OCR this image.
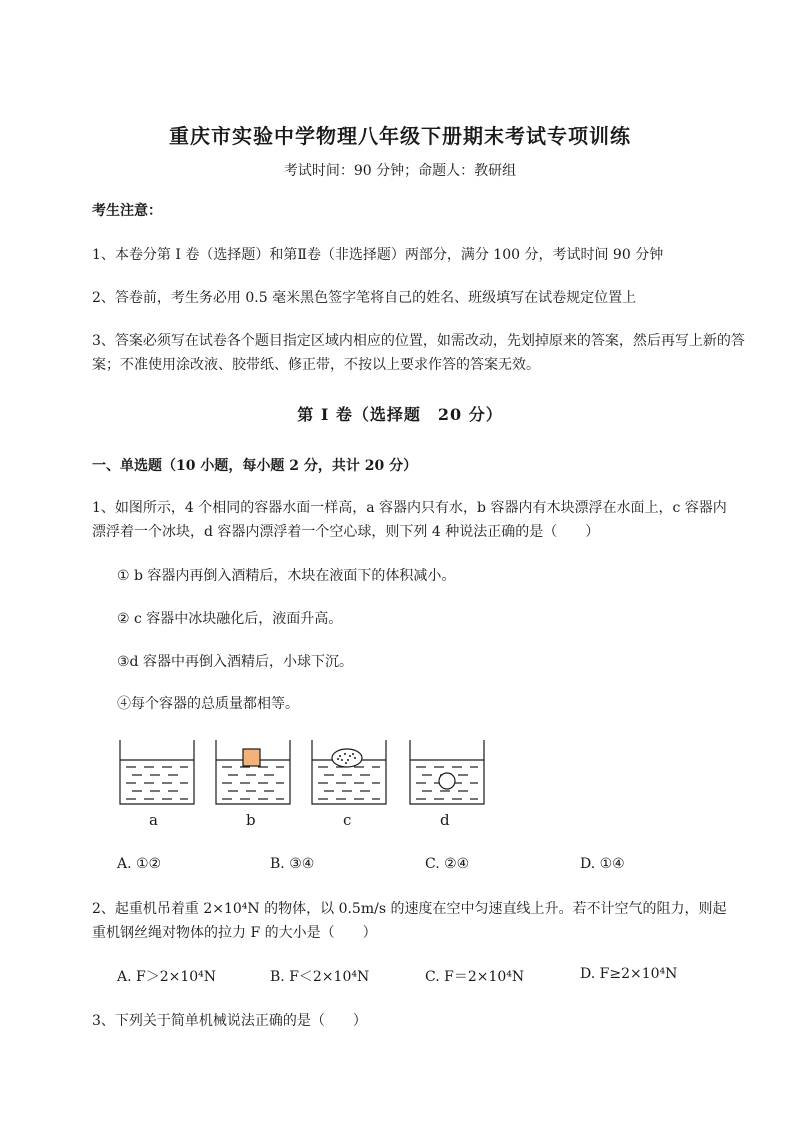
重庆市实验中学物理八年级下册期末考试专项训练
考试时间：90 分钟；命题人：教研组
考生注意：
1、本卷分第 I 卷（选择题）和第Ⅱ卷（非选择题）两部分，满分 100 分，考试时间 90 分钟
2、答卷前，考生务必用 0.5 毫米黑色签字笔将自己的姓名、班级填写在试卷规定位置上
3、答案必须写在试卷各个题目指定区域内相应的位置，如需改动，先划掉原来的答案，然后再写上新的答案；不准使用涂改液、胶带纸、修正带，不按以上要求作答的答案无效。
第 I 卷（选择题　20 分）
一、单选题（10 小题，每小题 2 分，共计 20 分）
1、如图所示，4 个相同的容器水面一样高，a 容器内只有水，b 容器内有木块漂浮在水面上，c 容器内
漂浮着一个冰块，d 容器内漂浮着一个空心球，则下列 4 种说法正确的是（　　）
① b 容器内再倒入酒精后，木块在液面下的体积减小。
② c 容器中冰块融化后，液面升高。
③d 容器中再倒入酒精后，小球下沉。
④每个容器的总质量都相等。
a	b	c	d
A. ①②	B. ③④	C. ②④	D. ①④
2、起重机吊着重 2×10⁴N 的物体，以 0.5m/s 的速度在空中匀速直线上升。若不计空气的阻力，则起
重机钢丝绳对物体的拉力 F 的大小是（　　）
A. F＞2×10⁴N	B. F＜2×10⁴N	C. F＝2×10⁴N	D. F≥2×10⁴N
3、下列关于简单机械说法正确的是（　　）
